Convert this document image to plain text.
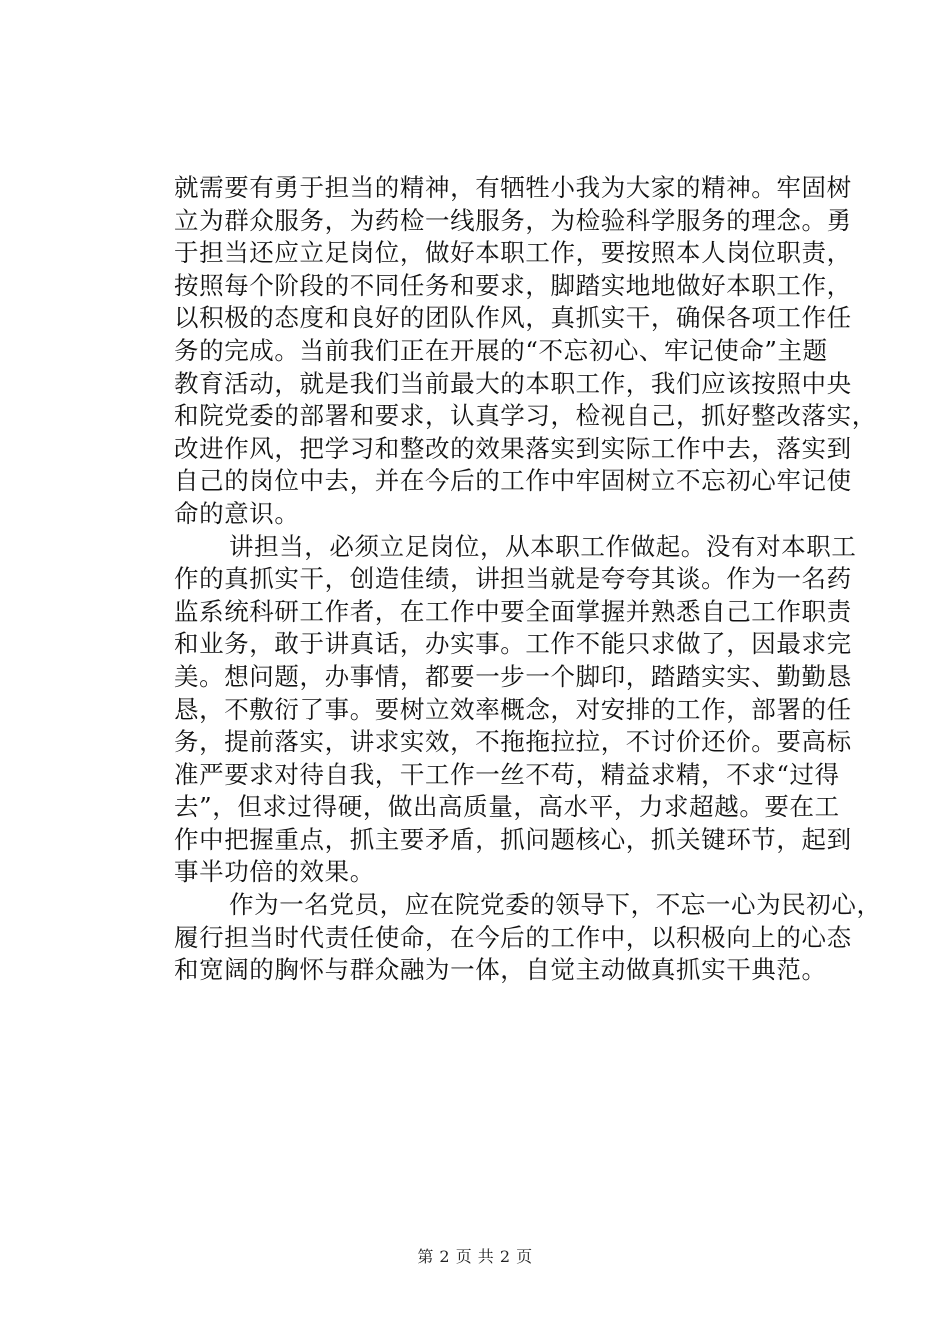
就需要有勇于担当的精神，有牺牲小我为大家的精神。牢固树
立为群众服务，为药检一线服务，为检验科学服务的理念。勇
于担当还应立足岗位，做好本职工作，要按照本人岗位职责，
按照每个阶段的不同任务和要求，脚踏实地地做好本职工作，
以积极的态度和良好的团队作风，真抓实干，确保各项工作任
务的完成。当前我们正在开展的“不忘初心、牢记使命”主题
教育活动，就是我们当前最大的本职工作，我们应该按照中央
和院党委的部署和要求，认真学习，检视自己，抓好整改落实，
改进作风，把学习和整改的效果落实到实际工作中去，落实到
自己的岗位中去，并在今后的工作中牢固树立不忘初心牢记使
命的意识。
讲担当，必须立足岗位，从本职工作做起。没有对本职工
作的真抓实干，创造佳绩，讲担当就是夸夸其谈。作为一名药
监系统科研工作者，在工作中要全面掌握并熟悉自己工作职责
和业务，敢于讲真话，办实事。工作不能只求做了，因最求完
美。想问题，办事情，都要一步一个脚印，踏踏实实、勤勤恳
恳，不敷衍了事。要树立效率概念，对安排的工作，部署的任
务，提前落实，讲求实效，不拖拖拉拉，不讨价还价。要高标
准严要求对待自我，干工作一丝不苟，精益求精，不求“过得
去”，但求过得硬，做出高质量，高水平，力求超越。要在工
作中把握重点，抓主要矛盾，抓问题核心，抓关键环节，起到
事半功倍的效果。
作为一名党员，应在院党委的领导下，不忘一心为民初心，
履行担当时代责任使命，在今后的工作中，以积极向上的心态
和宽阔的胸怀与群众融为一体，自觉主动做真抓实干典范。
第 2 页 共 2 页
